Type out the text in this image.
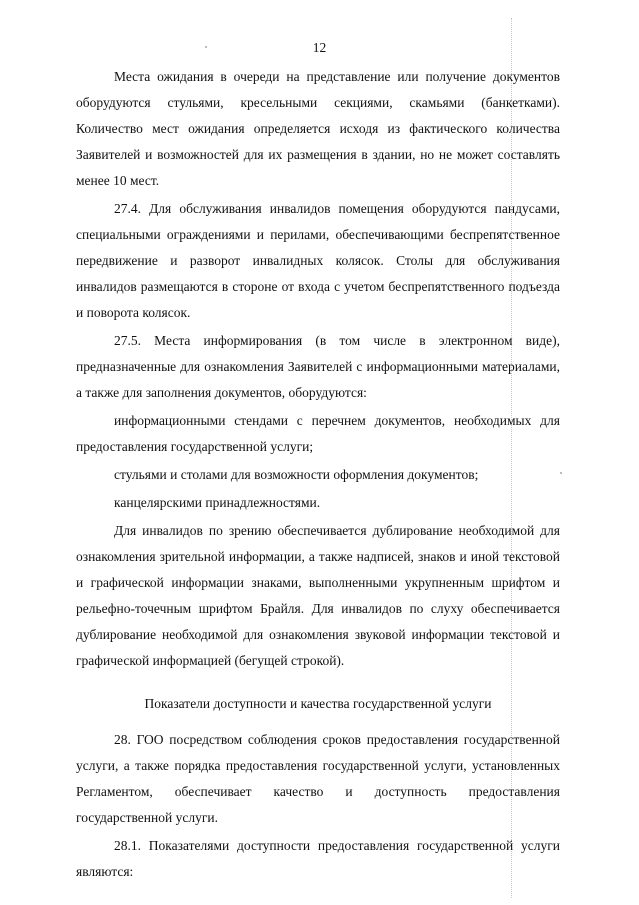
12

Места ожидания в очереди на представление или получение документов оборудуются стульями, кресельными секциями, скамьями (банкетками). Количество мест ожидания определяется исходя из фактического количества Заявителей и возможностей для их размещения в здании, но не может составлять менее 10 мест.

27.4. Для обслуживания инвалидов помещения оборудуются пандусами, специальными ограждениями и перилами, обеспечивающими беспрепятственное передвижение и разворот инвалидных колясок. Столы для обслуживания инвалидов размещаются в стороне от входа с учетом беспрепятственного подъезда и поворота колясок.

27.5. Места информирования (в том числе в электронном виде), предназначенные для ознакомления Заявителей с информационными материалами, а также для заполнения документов, оборудуются:

информационными стендами с перечнем документов, необходимых для предоставления государственной услуги;

стульями и столами для возможности оформления документов;

канцелярскими принадлежностями.

Для инвалидов по зрению обеспечивается дублирование необходимой для ознакомления зрительной информации, а также надписей, знаков и иной текстовой и графической информации знаками, выполненными укрупненным шрифтом и рельефно-точечным шрифтом Брайля. Для инвалидов по слуху обеспечивается дублирование необходимой для ознакомления звуковой информации текстовой и графической информацией (бегущей строкой).

Показатели доступности и качества государственной услуги

28. ГОО посредством соблюдения сроков предоставления государственной услуги, а также порядка предоставления государственной услуги, установленных Регламентом, обеспечивает качество и доступность предоставления государственной услуги.

28.1. Показателями доступности предоставления государственной услуги являются:
